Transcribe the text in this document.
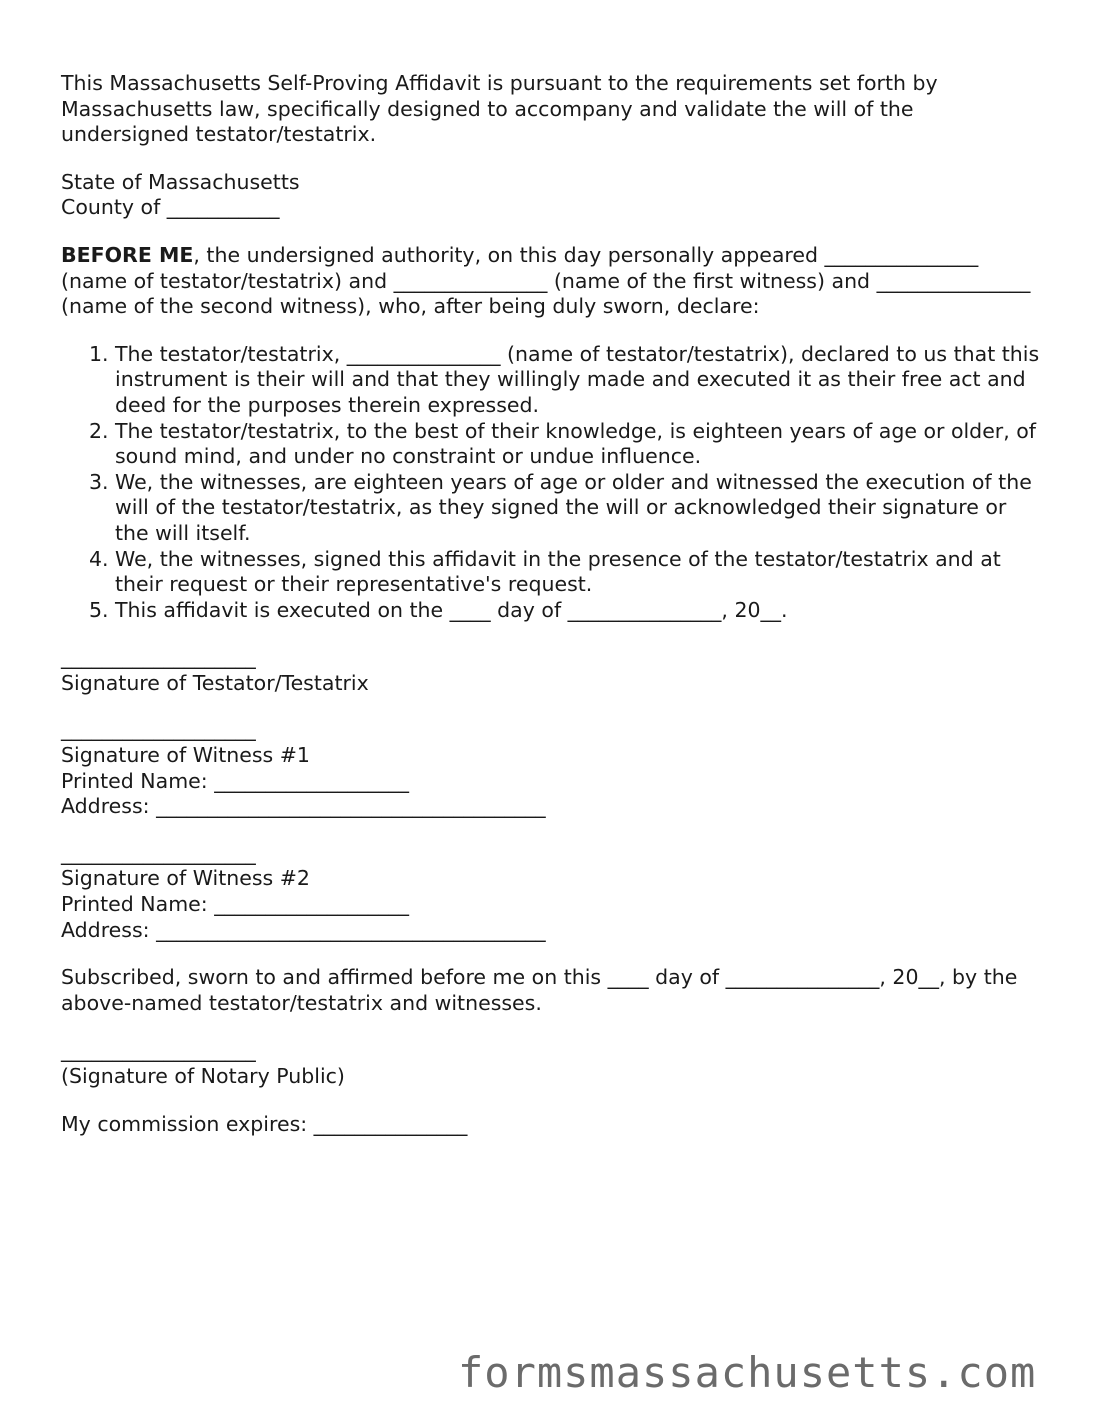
This Massachusetts Self-Proving Affidavit is pursuant to the requirements set forth by Massachusetts law, specifically designed to accompany and validate the will of the undersigned testator/testatrix.

State of Massachusetts

County of ___________

BEFORE ME, the undersigned authority, on this day personally appeared _______________ (name of testator/testatrix) and _______________ (name of the first witness) and _______________ (name of the second witness), who, after being duly sworn, declare:

1. The testator/testatrix, _______________ (name of testator/testatrix), declared to us that this instrument is their will and that they willingly made and executed it as their free act and deed for the purposes therein expressed.
2. The testator/testatrix, to the best of their knowledge, is eighteen years of age or older, of sound mind, and under no constraint or undue influence.
3. We, the witnesses, are eighteen years of age or older and witnessed the execution of the will of the testator/testatrix, as they signed the will or acknowledged their signature or the will itself.
4. We, the witnesses, signed this affidavit in the presence of the testator/testatrix and at their request or their representative's request.
5. This affidavit is executed on the ____ day of _______________, 20__.

___________________

Signature of Testator/Testatrix

___________________

Signature of Witness #1

Printed Name: ___________________

Address: ______________________________________

___________________

Signature of Witness #2

Printed Name: ___________________

Address: ______________________________________

Subscribed, sworn to and affirmed before me on this ____ day of _______________, 20__, by the above-named testator/testatrix and witnesses.

___________________

(Signature of Notary Public)

My commission expires: _______________

formsmassachusetts.com
